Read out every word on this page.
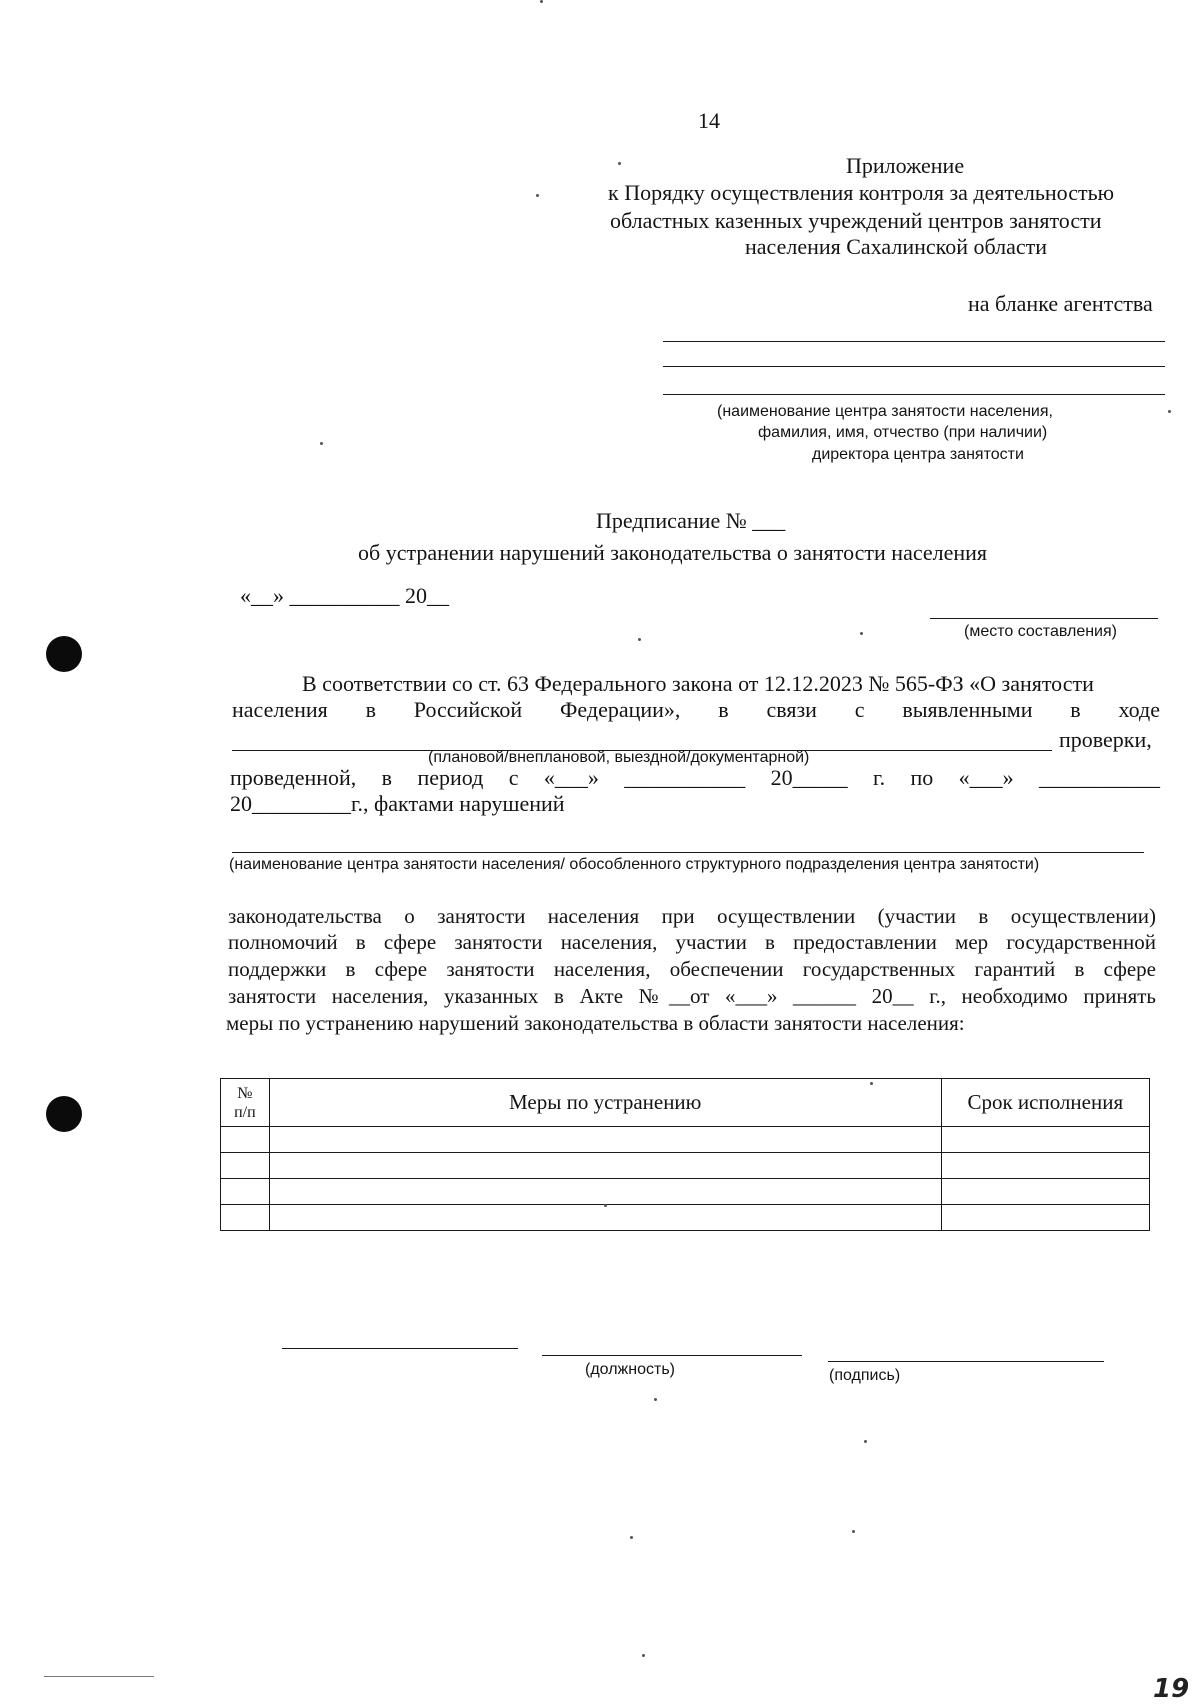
14
Приложение
к Порядку осуществления контроля за деятельностью
областных казенных учреждений центров занятости
населения Сахалинской области
на бланке агентства
(наименование центра занятости населения,
фамилия, имя, отчество (при наличии)
директора центра занятости
Предписание № ___
об устранении нарушений законодательства о занятости населения
«__» __________ 20__
(место составления)
В соответствии со ст. 63 Федерального закона от 12.12.2023 № 565-ФЗ «О занятости
населения в Российской Федерации», в связи с выявленными в ходе
проверки,
(плановой/внеплановой, выездной/документарной)
проведенной, в период с «___» ___________ 20_____ г. по «___» ___________
20_________г., фактами нарушений
(наименование центра занятости населения/ обособленного структурного подразделения центра занятости)
законодательства о занятости населения при осуществлении (участии в осуществлении)
полномочий в сфере занятости населения, участии в предоставлении мер государственной
поддержки в сфере занятости населения, обеспечении государственных гарантий в сфере
занятости населения, указанных в Акте №__от «___» ______ 20__ г., необходимо принять
меры по устранению нарушений законодательства в области занятости населения:
№
п/п	Меры по устранению	Срок исполнения

(должность)	(подпись)
19
